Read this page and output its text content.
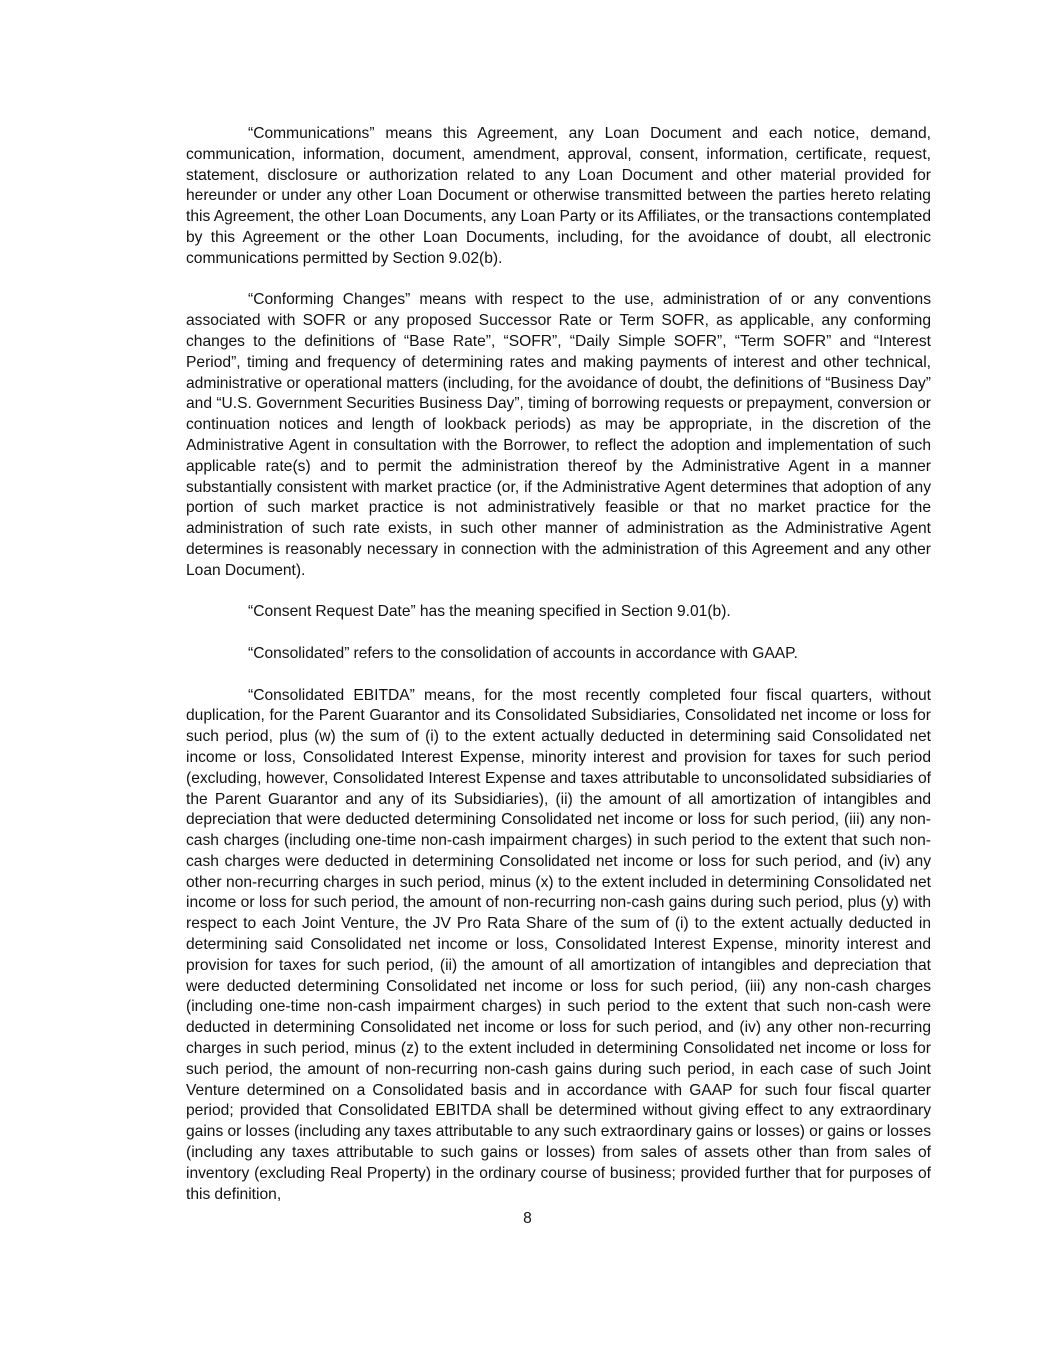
“Communications” means this Agreement, any Loan Document and each notice, demand, communication, information, document, amendment, approval, consent, information, certificate, request, statement, disclosure or authorization related to any Loan Document and other material provided for hereunder or under any other Loan Document or otherwise transmitted between the parties hereto relating this Agreement, the other Loan Documents, any Loan Party or its Affiliates, or the transactions contemplated by this Agreement or the other Loan Documents, including, for the avoidance of doubt, all electronic communications permitted by Section 9.02(b).

“Conforming Changes” means with respect to the use, administration of or any conventions associated with SOFR or any proposed Successor Rate or Term SOFR, as applicable, any conforming changes to the definitions of “Base Rate”, “SOFR”, “Daily Simple SOFR”, “Term SOFR” and “Interest Period”, timing and frequency of determining rates and making payments of interest and other technical, administrative or operational matters (including, for the avoidance of doubt, the definitions of “Business Day” and “U.S. Government Securities Business Day”, timing of borrowing requests or prepayment, conversion or continuation notices and length of lookback periods) as may be appropriate, in the discretion of the Administrative Agent in consultation with the Borrower, to reflect the adoption and implementation of such applicable rate(s) and to permit the administration thereof by the Administrative Agent in a manner substantially consistent with market practice (or, if the Administrative Agent determines that adoption of any portion of such market practice is not administratively feasible or that no market practice for the administration of such rate exists, in such other manner of administration as the Administrative Agent determines is reasonably necessary in connection with the administration of this Agreement and any other Loan Document).

“Consent Request Date” has the meaning specified in Section 9.01(b).

“Consolidated” refers to the consolidation of accounts in accordance with GAAP.

“Consolidated EBITDA” means, for the most recently completed four fiscal quarters, without duplication, for the Parent Guarantor and its Consolidated Subsidiaries, Consolidated net income or loss for such period, plus (w) the sum of (i) to the extent actually deducted in determining said Consolidated net income or loss, Consolidated Interest Expense, minority interest and provision for taxes for such period (excluding, however, Consolidated Interest Expense and taxes attributable to unconsolidated subsidiaries of the Parent Guarantor and any of its Subsidiaries), (ii) the amount of all amortization of intangibles and depreciation that were deducted determining Consolidated net income or loss for such period, (iii) any non-cash charges (including one-time non-cash impairment charges) in such period to the extent that such non-cash charges were deducted in determining Consolidated net income or loss for such period, and (iv) any other non-recurring charges in such period, minus (x) to the extent included in determining Consolidated net income or loss for such period, the amount of non-recurring non-cash gains during such period, plus (y) with respect to each Joint Venture, the JV Pro Rata Share of the sum of (i) to the extent actually deducted in determining said Consolidated net income or loss, Consolidated Interest Expense, minority interest and provision for taxes for such period, (ii) the amount of all amortization of intangibles and depreciation that were deducted determining Consolidated net income or loss for such period, (iii) any non-cash charges (including one-time non-cash impairment charges) in such period to the extent that such non-cash were deducted in determining Consolidated net income or loss for such period, and (iv) any other non-recurring charges in such period, minus (z) to the extent included in determining Consolidated net income or loss for such period, the amount of non-recurring non-cash gains during such period, in each case of such Joint Venture determined on a Consolidated basis and in accordance with GAAP for such four fiscal quarter period; provided that Consolidated EBITDA shall be determined without giving effect to any extraordinary gains or losses (including any taxes attributable to any such extraordinary gains or losses) or gains or losses (including any taxes attributable to such gains or losses) from sales of assets other than from sales of inventory (excluding Real Property) in the ordinary course of business; provided further that for purposes of this definition,

8
